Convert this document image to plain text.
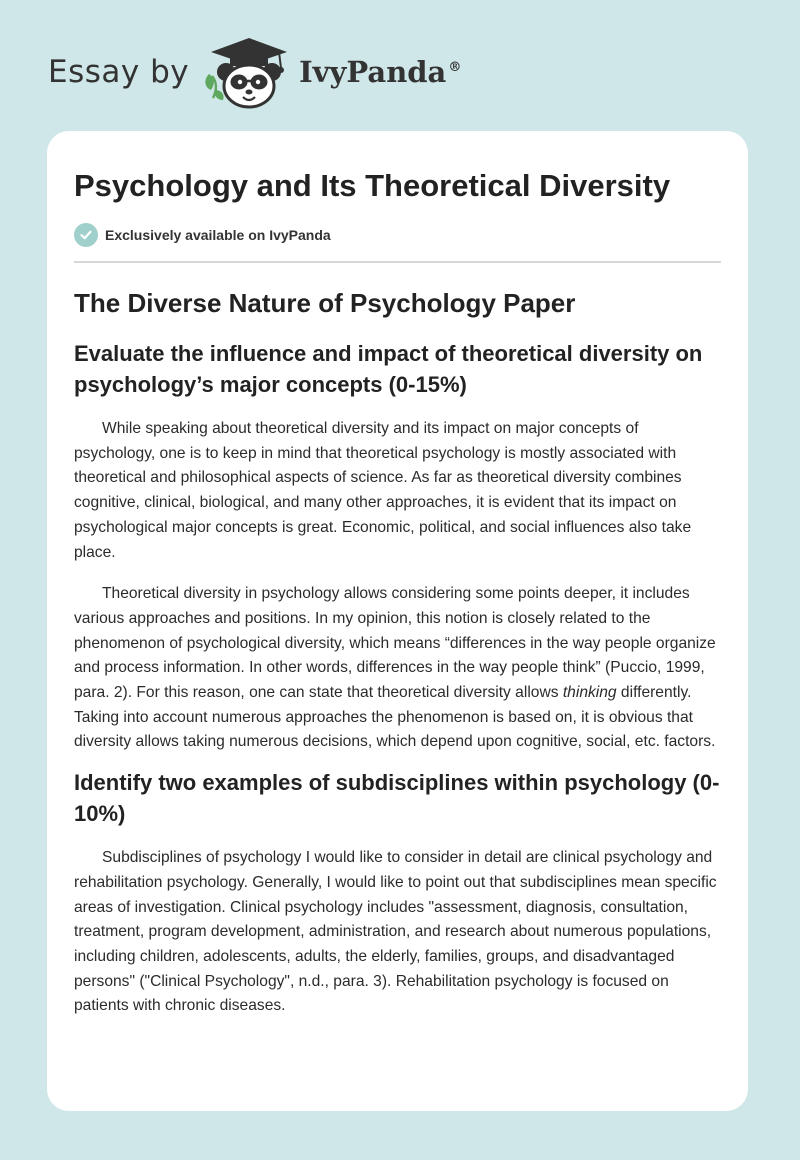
Essay by	IvyPanda ®
Psychology and Its Theoretical Diversity
Exclusively available on IvyPanda
The Diverse Nature of Psychology Paper
Evaluate the influence and impact of theoretical diversity on psychology’s major concepts (0-15%)

While speaking about theoretical diversity and its impact on major concepts of psychology, one is to keep in mind that theoretical psychology is mostly associated with theoretical and philosophical aspects of science. As far as theoretical diversity combines cognitive, clinical, biological, and many other approaches, it is evident that its impact on psychological major concepts is great. Economic, political, and social influences also take place.

Theoretical diversity in psychology allows considering some points deeper, it includes various approaches and positions. In my opinion, this notion is closely related to the phenomenon of psychological diversity, which means “differences in the way people organize and process information. In other words, differences in the way people think” (Puccio, 1999, para. 2). For this reason, one can state that theoretical diversity allows thinking differently. Taking into account numerous approaches the phenomenon is based on, it is obvious that diversity allows taking numerous decisions, which depend upon cognitive, social, etc. factors.

Identify two examples of subdisciplines within psychology (0-10%)

Subdisciplines of psychology I would like to consider in detail are clinical psychology and rehabilitation psychology. Generally, I would like to point out that subdisciplines mean specific areas of investigation. Clinical psychology includes "assessment, diagnosis, consultation, treatment, program development, administration, and research about numerous populations, including children, adolescents, adults, the elderly, families, groups, and disadvantaged persons" ("Clinical Psychology", n.d., para. 3). Rehabilitation psychology is focused on patients with chronic diseases.
